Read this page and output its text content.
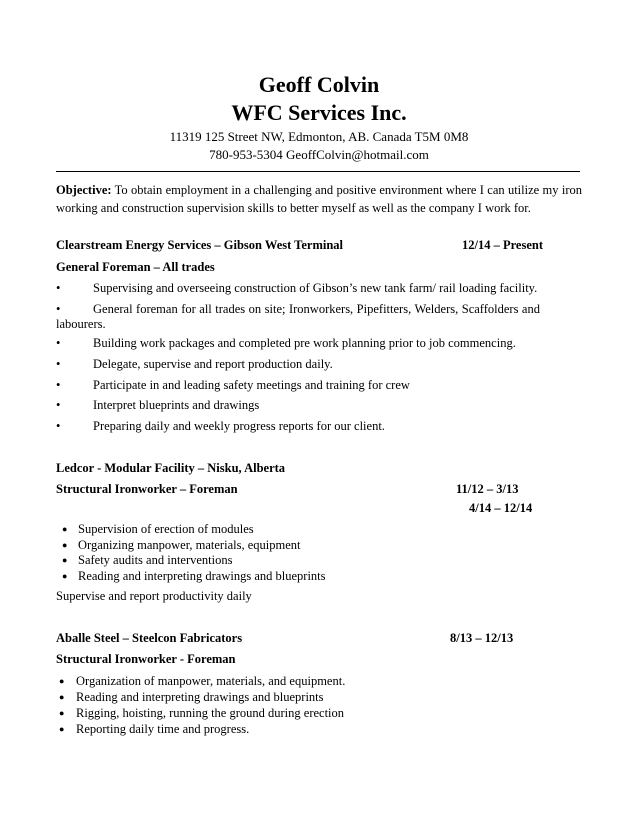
Geoff Colvin
WFC Services Inc.
11319 125 Street NW, Edmonton, AB. Canada T5M 0M8
780-953-5304 GeoffColvin@hotmail.com
Objective: To obtain employment in a challenging and positive environment where I can utilize my iron working and construction supervision skills to better myself as well as the company I work for.
Clearstream Energy Services – Gibson West Terminal	12/14 – Present
General Foreman – All trades
•	Supervising and overseeing construction of Gibson’s new tank farm/ rail loading facility.
•	General foreman for all trades on site; Ironworkers, Pipefitters, Welders, Scaffolders and
labourers.
•	Building work packages and completed pre work planning prior to job commencing.
•	Delegate, supervise and report production daily.
•	Participate in and leading safety meetings and training for crew
•	Interpret blueprints and drawings
•	Preparing daily and weekly progress reports for our client.
Ledcor - Modular Facility – Nisku, Alberta
Structural Ironworker – Foreman	11/12 – 3/13
4/14 – 12/14
● Supervision of erection of modules
● Organizing manpower, materials, equipment
● Safety audits and interventions
● Reading and interpreting drawings and blueprints
Supervise and report productivity daily
Aballe Steel – Steelcon Fabricators	8/13 – 12/13
Structural Ironworker - Foreman
● Organization of manpower, materials, and equipment.
● Reading and interpreting drawings and blueprints
● Rigging, hoisting, running the ground during erection
● Reporting daily time and progress.
